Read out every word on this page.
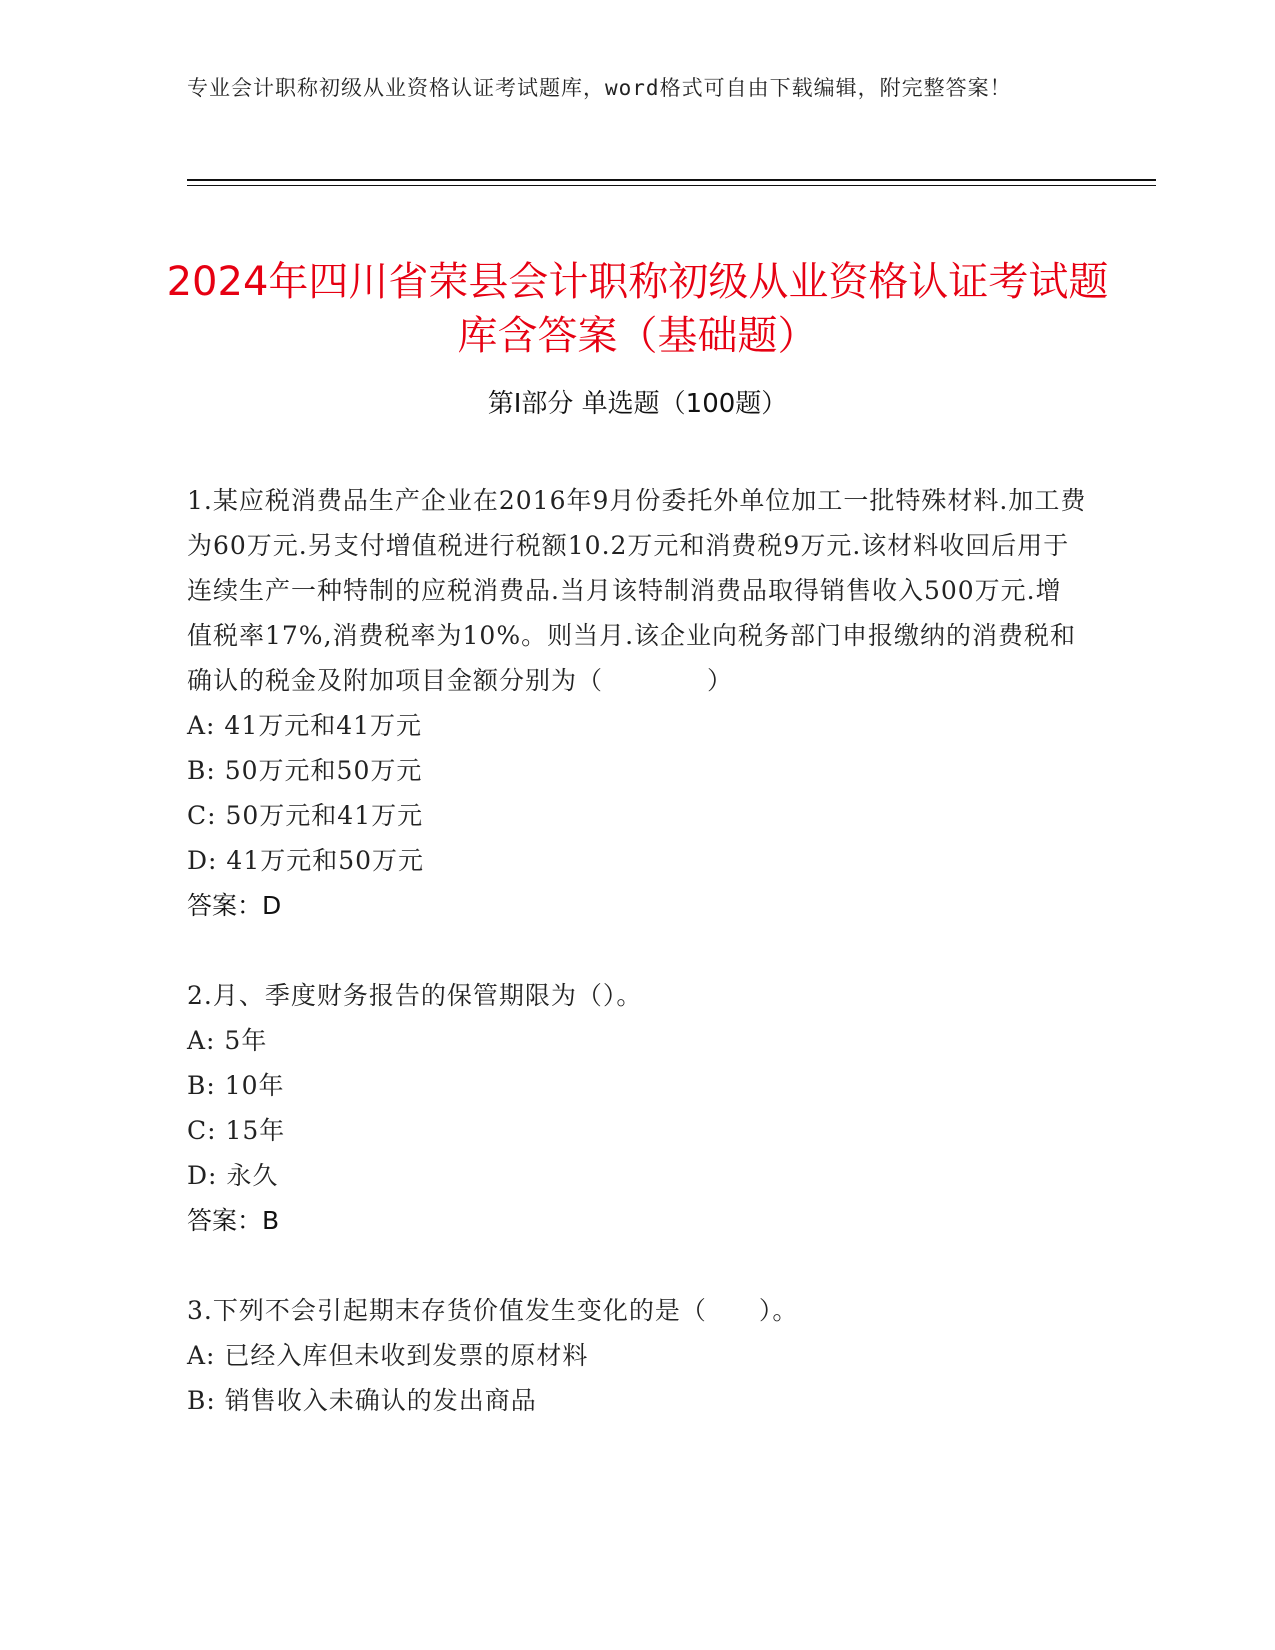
专业会计职称初级从业资格认证考试题库，word格式可自由下载编辑，附完整答案！
2024年四川省荣县会计职称初级从业资格认证考试题库含答案（基础题）
第I部分 单选题（100题）

1.某应税消费品生产企业在2016年9月份委托外单位加工一批特殊材料.加工费为60万元.另支付增值税进行税额10.2万元和消费税9万元.该材料收回后用于连续生产一种特制的应税消费品.当月该特制消费品取得销售收入500万元.增值税率17%,消费税率为10%。则当月.该企业向税务部门申报缴纳的消费税和确认的税金及附加项目金额分别为（　　　　）

A: 41万元和41万元

B: 50万元和50万元

C: 50万元和41万元

D: 41万元和50万元

答案：D

2.月、季度财务报告的保管期限为（）。

A: 5年

B: 10年

C: 15年

D: 永久

答案：B

3.下列不会引起期末存货价值发生变化的是（　　）。

A: 已经入库但未收到发票的原材料

B: 销售收入未确认的发出商品
